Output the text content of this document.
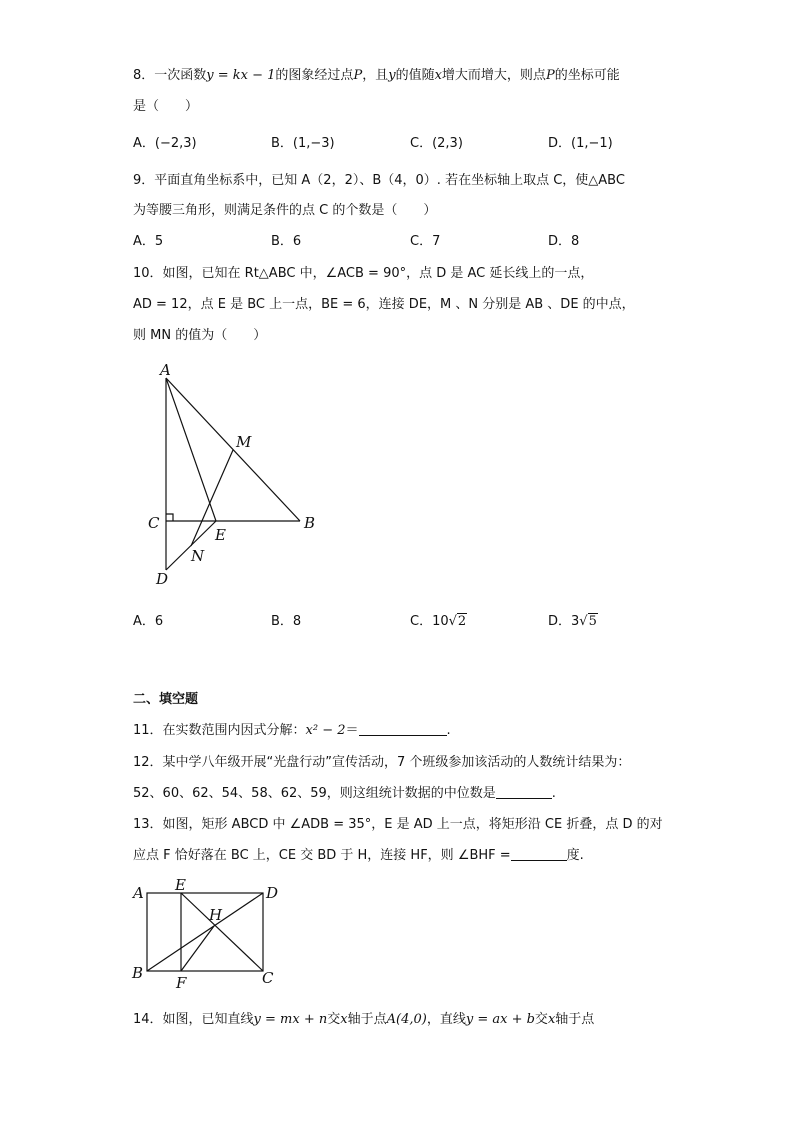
8．一次函数y = kx − 1的图象经过点P，且y的值随x增大而增大，则点P的坐标可能
是（　　）
A．(−2,3)	B．(1,−3)	C．(2,3)	D．(1,−1)
9．平面直角坐标系中，已知 A（2，2）、B（4，0）. 若在坐标轴上取点 C，使△ABC
为等腰三角形，则满足条件的点 C 的个数是（　　）
A．5	B．6	C．7	D．8
10．如图，已知在 Rt△ABC 中，∠ACB = 90°，点 D 是 AC 延长线上的一点，
AD = 12，点 E 是 BC 上一点，BE = 6，连接 DE，M 、N 分别是 AB 、DE 的中点，
则 MN 的值为（　　）
A
M
C
E
B
N
D
A．6	B．8	C．10√2	D．3√5
二、填空题
11．在实数范围内因式分解：x² − 2＝	.
12．某中学八年级开展“光盘行动”宣传活动，7 个班级参加该活动的人数统计结果为：
52、60、62、54、58、62、59，则这组统计数据的中位数是	.
13．如图，矩形 ABCD 中 ∠ADB = 35°，E 是 AD 上一点，将矩形沿 CE 折叠，点 D 的对
应点 F 恰好落在 BC 上，CE 交 BD 于 H，连接 HF，则 ∠BHF =	度.
A E	D
H
B
F	C
14．如图，已知直线y = mx + n交x轴于点A(4,0)，直线y = ax + b交x轴于点
